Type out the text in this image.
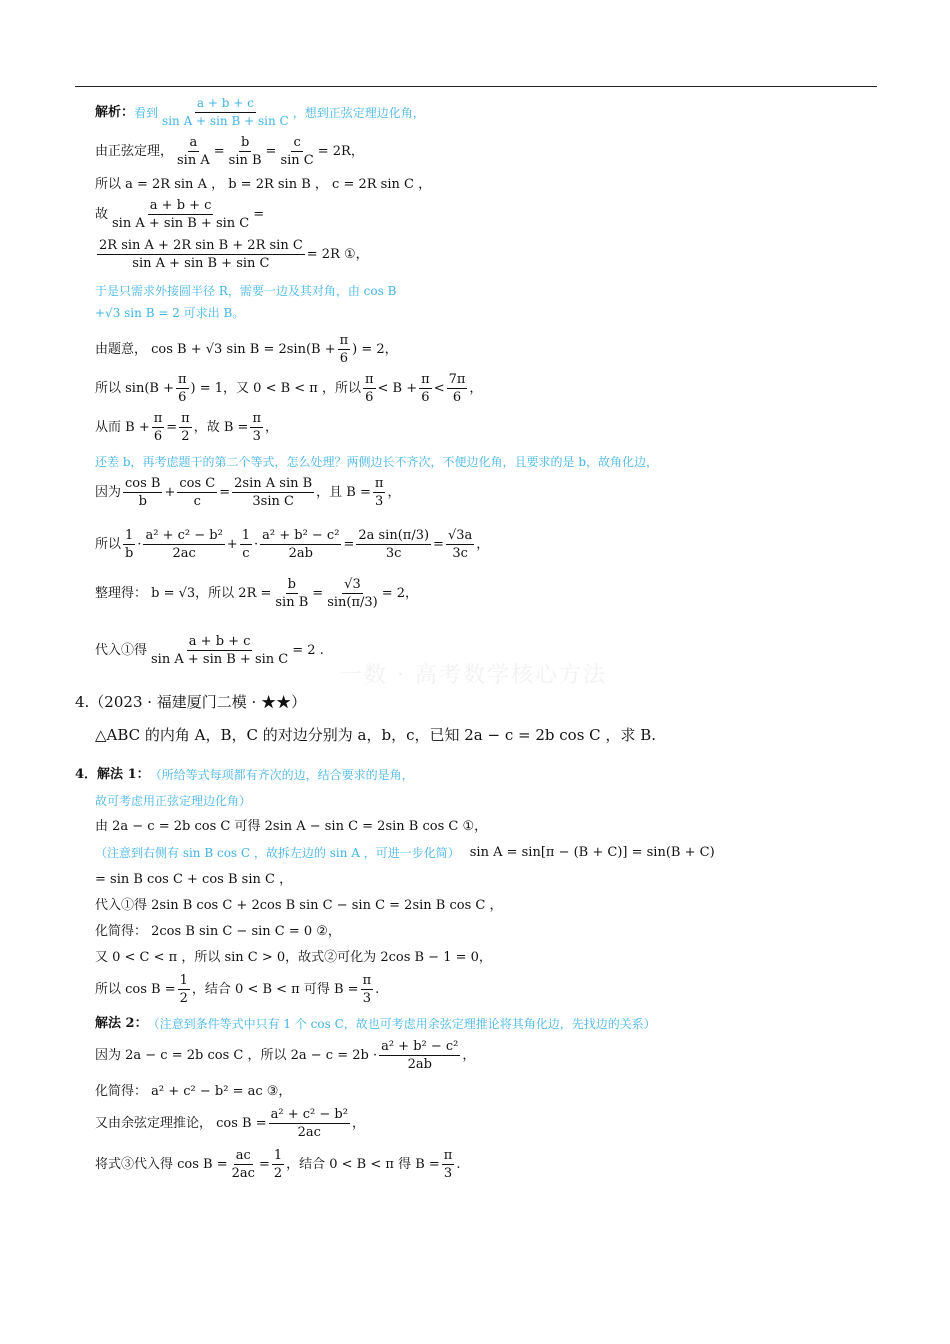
一数 · 高考数学核心方法
解析： 看到
a + b + c
sin A + sin B + sin C
，想到正弦定理边化角，
由正弦定理，
a
sin A
=
b
sin B
= $\frac{c}{\text{sin C}} = 2R$，
所以 a = 2R sin A ， b = 2R sin B ， c = 2R sin C ，
故 $\frac{a + b + c}{\text{sin A + sin B + sin C}}$ =
$\frac{\text{2R sin A + 2R sin B + 2R sin C}}{\text{sin A + sin B + sin C}} = 2R$ ①，
于是只需求外接圆半径 R，需要一边及其对角，由 cos B
+√3 sin B = 2 可求出 B。
由题意， cos B + √3 $\sin B = 2\sin(B + \frac{\pi}{6}$ ) = 2，
所以 $\sin(B + \frac{\pi}{6}$ ) = 1，又 0 < B < π ，所以
π
6
< $B + \frac{\pi}{6}$ <
7π
6
，
从而 $B + \frac{\pi}{6} = \frac{\pi}{2}$ ，故 $B = \frac{\pi}{3}$ ，
还差 b，再考虑题干的第二个等式，怎么处理？两侧边长不齐次，不便边化角，且要求的是 b，故角化边，
因为
cos B
b
+ $\frac{\text{cos C}}{c} = \frac{\text{2sin A sin B}}{\text{3sin C}}$ ，且 $B = \frac{\pi}{3}$ ，
所以
1
b
·
a² + c² − b²
2ac
+ $\frac{1}{c} \cdot \frac{\text{a² + b² − c²}}{2ab} = \frac{\text{2a sin(π/3)}}{3c} = \frac{√3a}{3c}$ ，
整理得： b = √3，所以 $2R = \frac{b}{\text{sin B}} = \frac{√3}{\sin(\pi/3)} = 2$，
代入①得 $\frac{a + b + c}{\text{sin A + sin B + sin C}} = 2$ .
4.（2023 · 福建厦门二模 · ★★）
△ABC 的内角 A，B，C 的对边分别为 a，b，c，已知 2a − c = 2b cos C ，求 B.
4．解法 1： （所给等式每项都有齐次的边，结合要求的是角，
故可考虑用正弦定理边化角）
由 2a − c = 2b cos C 可得 2sin A − sin C = 2sin B cos C ①，
（注意到右侧有 sin B cos C ，故拆左边的 sin A ，可进一步化简） sin A = sin[π − (B + C)] = sin(B + C)
= sin B cos C + cos B sin C ，
代入①得 2sin B cos C + 2cos B sin C − sin C = 2sin B cos C ，
化简得： 2cos B sin C − sin C = 0 ②，
又 0 < C < π ，所以 sin C > 0，故式②可化为 2cos B − 1 = 0，
所以 $\cos B = \frac{1}{2}$ ，结合 0 < B < π 可得 $B = \frac{\pi}{3}$ .
解法 2： （注意到条件等式中只有 1 个 cos C，故也可考虑用余弦定理推论将其角化边，先找边的关系）
因为 2a − c = 2b cos C ，所以 2a − c = 2b ·
a² + b² − c²
2ab
，
化简得： a² + c² − b² = ac ③，
又由余弦定理推论， $\cos B = \frac{\text{a² + c² − b²}}{2ac}$ ，
将式③代入得 $\cos B = \frac{ac}{2ac} = \frac{1}{2}$ ，结合 0 < B < π 得 $B = \frac{\pi}{3}$ .
